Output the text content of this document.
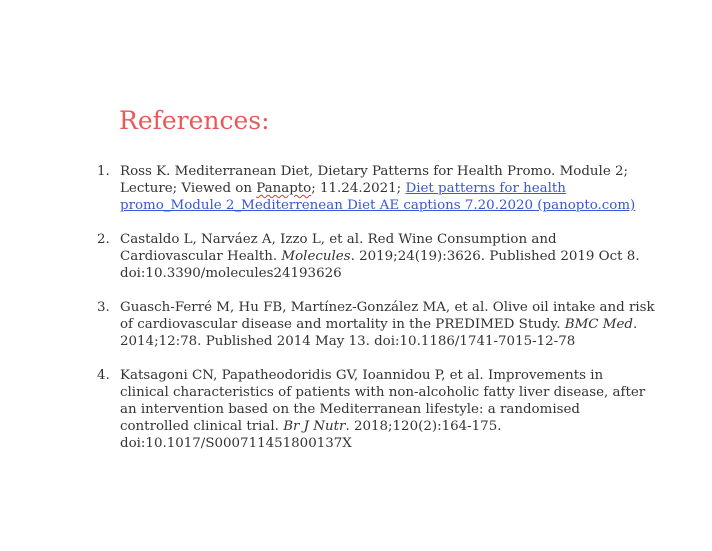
References:
1. Ross K. Mediterranean Diet, Dietary Patterns for Health Promo. Module 2;
Lecture; Viewed on Panapto; 11.24.2021; Diet patterns for health
promo_Module 2_Mediterrenean Diet AE captions 7.20.2020 (panopto.com)
2. Castaldo L, Narváez A, Izzo L, et al. Red Wine Consumption and
Cardiovascular Health. Molecules. 2019;24(19):3626. Published 2019 Oct 8.
doi:10.3390/molecules24193626
3. Guasch-Ferré M, Hu FB, Martínez-González MA, et al. Olive oil intake and risk
of cardiovascular disease and mortality in the PREDIMED Study. BMC Med.
2014;12:78. Published 2014 May 13. doi:10.1186/1741-7015-12-78
4. Katsagoni CN, Papatheodoridis GV, Ioannidou P, et al. Improvements in
clinical characteristics of patients with non-alcoholic fatty liver disease, after
an intervention based on the Mediterranean lifestyle: a randomised
controlled clinical trial. Br J Nutr. 2018;120(2):164-175.
doi:10.1017/S000711451800137X
